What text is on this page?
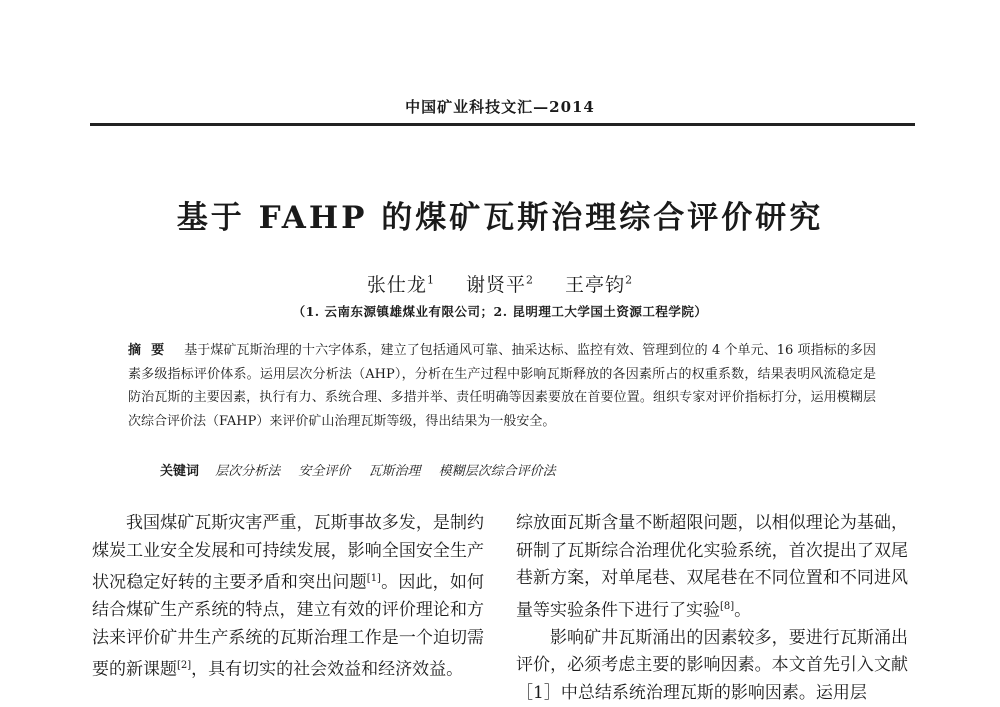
中国矿业科技文汇—2014
基于 FAHP 的煤矿瓦斯治理综合评价研究
张仕龙$^1$ 谢贤平$^2$ 王亭钧$^2$
（1. 云南东源镇雄煤业有限公司；2. 昆明理工大学国土资源工程学院）
摘要 基于煤矿瓦斯治理的十六字体系，建立了包括通风可靠、抽采达标、监控有效、管理到位的 4 个单元、16 项指标的多因素多级指标评价体系。运用层次分析法（AHP），分析在生产过程中影响瓦斯释放的各因素所占的权重系数，结果表明风流稳定是防治瓦斯的主要因素，执行有力、系统合理、多措并举、责任明确等因素要放在首要位置。组织专家对评价指标打分，运用模糊层次综合评价法（FAHP）来评价矿山治理瓦斯等级，得出结果为一般安全。
关键词 层次分析法 安全评价 瓦斯治理 模糊层次综合评价法

我国煤矿瓦斯灾害严重，瓦斯事故多发，是制约煤炭工业安全发展和可持续发展，影响全国安全生产状况稳定好转的主要矛盾和突出问题[1]。因此，如何结合煤矿生产系统的特点，建立有效的评价理论和方法来评价矿井生产系统的瓦斯治理工作是一个迫切需要的新课题[2]，具有切实的社会效益和经济效益。

综放面瓦斯含量不断超限问题，以相似理论为基础，研制了瓦斯综合治理优化实验系统，首次提出了双尾巷新方案，对单尾巷、双尾巷在不同位置和不同进风量等实验条件下进行了实验[8]。

影响矿井瓦斯涌出的因素较多，要进行瓦斯涌出评价，必须考虑主要的影响因素。本文首先引入文献［1］中总结系统治理瓦斯的影响因素。运用层
